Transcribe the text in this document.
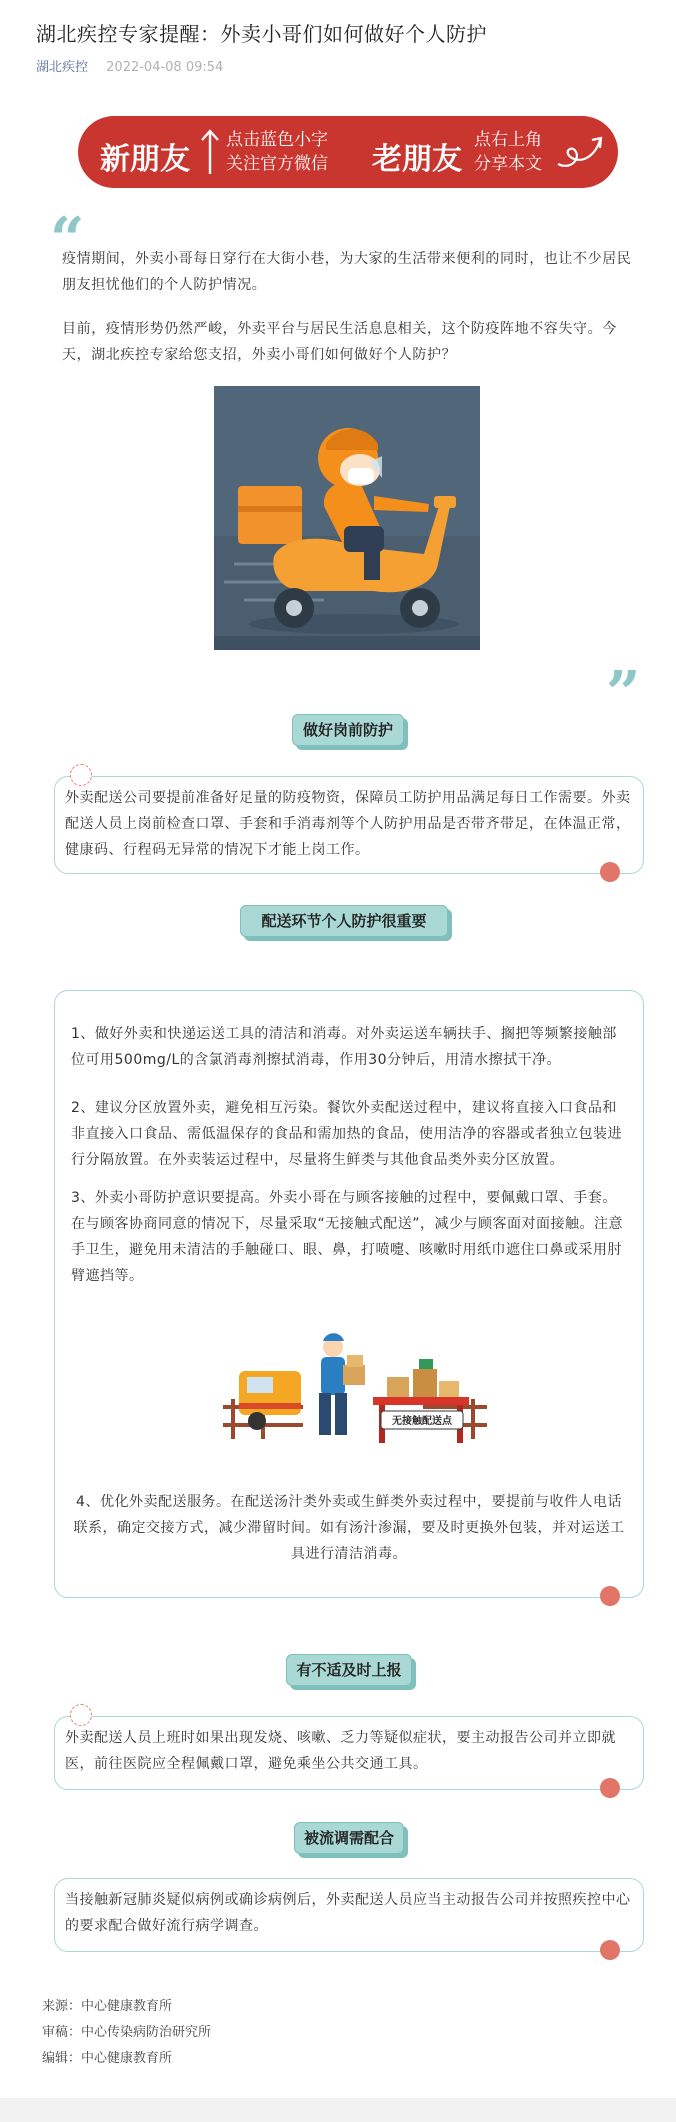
湖北疾控专家提醒：外卖小哥们如何做好个人防护
湖北疾控 2022-04-08 09:54
新朋友
点击蓝色小字
关注官方微信 老朋友
点右上角
分享本文
“
疫情期间，外卖小哥每日穿行在大街小巷，为大家的生活带来便利的同时，也让不少居民朋友担忧他们的个人防护情况。
目前，疫情形势仍然严峻，外卖平台与居民生活息息相关，这个防疫阵地不容失守。今天，湖北疾控专家给您支招，外卖小哥们如何做好个人防护？
”
做好岗前防护
外卖配送公司要提前准备好足量的防疫物资，保障员工防护用品满足每日工作需要。外卖配送人员上岗前检查口罩、手套和手消毒剂等个人防护用品是否带齐带足，在体温正常，健康码、行程码无异常的情况下才能上岗工作。
配送环节个人防护很重要
1、做好外卖和快递运送工具的清洁和消毒。对外卖运送车辆扶手、搁把等频繁接触部位可用500mg/L的含氯消毒剂擦拭消毒，作用30分钟后，用清水擦拭干净。
2、建议分区放置外卖，避免相互污染。餐饮外卖配送过程中，建议将直接入口食品和非直接入口食品、需低温保存的食品和需加热的食品，使用洁净的容器或者独立包装进行分隔放置。在外卖装运过程中，尽量将生鲜类与其他食品类外卖分区放置。
3、外卖小哥防护意识要提高。外卖小哥在与顾客接触的过程中，要佩戴口罩、手套。在与顾客协商同意的情况下，尽量采取“无接触式配送”，减少与顾客面对面接触。注意手卫生，避免用未清洁的手触碰口、眼、鼻，打喷嚏、咳嗽时用纸巾遮住口鼻或采用肘臂遮挡等。
无接触配送点
4、优化外卖配送服务。在配送汤汁类外卖或生鲜类外卖过程中，要提前与收件人电话联系，确定交接方式，减少滞留时间。如有汤汁渗漏，要及时更换外包装，并对运送工具进行清洁消毒。
有不适及时上报
外卖配送人员上班时如果出现发烧、咳嗽、乏力等疑似症状，要主动报告公司并立即就医，前往医院应全程佩戴口罩，避免乘坐公共交通工具。
被流调需配合
当接触新冠肺炎疑似病例或确诊病例后，外卖配送人员应当主动报告公司并按照疾控中心的要求配合做好流行病学调查。
来源：中心健康教育所
审稿：中心传染病防治研究所
编辑：中心健康教育所
